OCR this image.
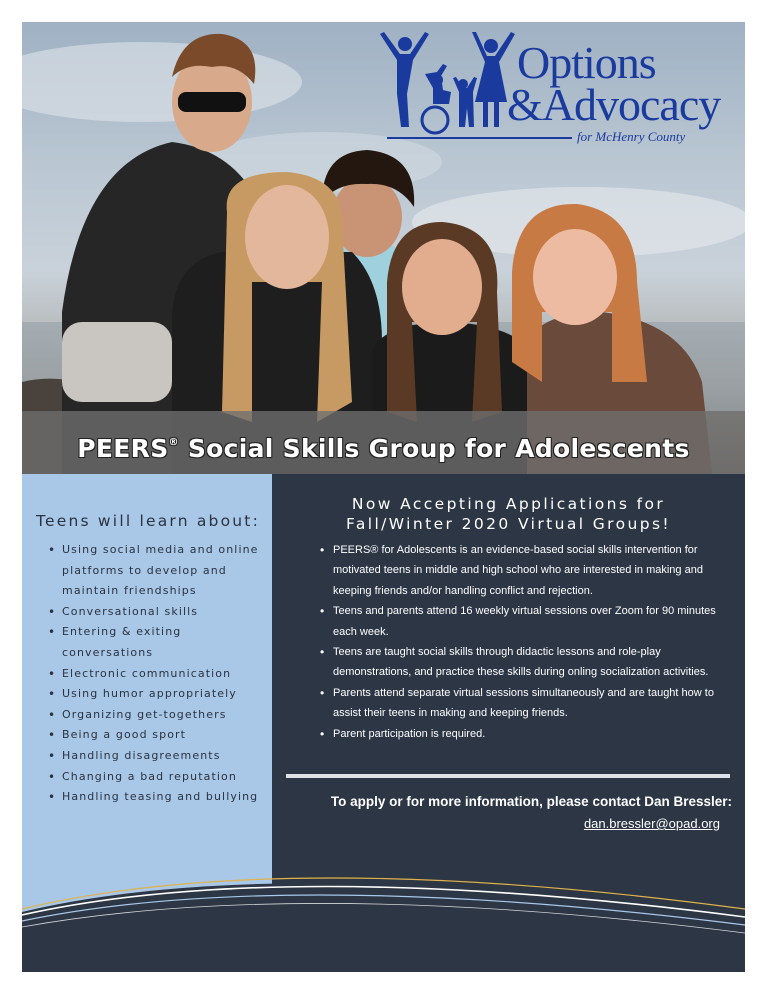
Options
&Advocacy
for McHenry County
PEERS® Social Skills Group for Adolescents
Teens will learn about:
• Using social media and online platforms to develop and maintain friendships
• Conversational skills
• Entering & exiting conversations
• Electronic communication
• Using humor appropriately
• Organizing get-togethers
• Being a good sport
• Handling disagreements
• Changing a bad reputation
• Handling teasing and bullying
Now Accepting Applications for
Fall/Winter 2020 Virtual Groups!
• PEERS® for Adolescents is an evidence-based social skills intervention for motivated teens in middle and high school who are interested in making and keeping friends and/or handling conflict and rejection.
• Teens and parents attend 16 weekly virtual sessions over Zoom for 90 minutes each week.
• Teens are taught social skills through didactic lessons and role-play demonstrations, and practice these skills during onling socialization activities.
• Parents attend separate virtual sessions simultaneously and are taught how to assist their teens in making and keeping friends.
• Parent participation is required.
To apply or for more information, please contact Dan Bressler:
dan.bressler@opad.org
